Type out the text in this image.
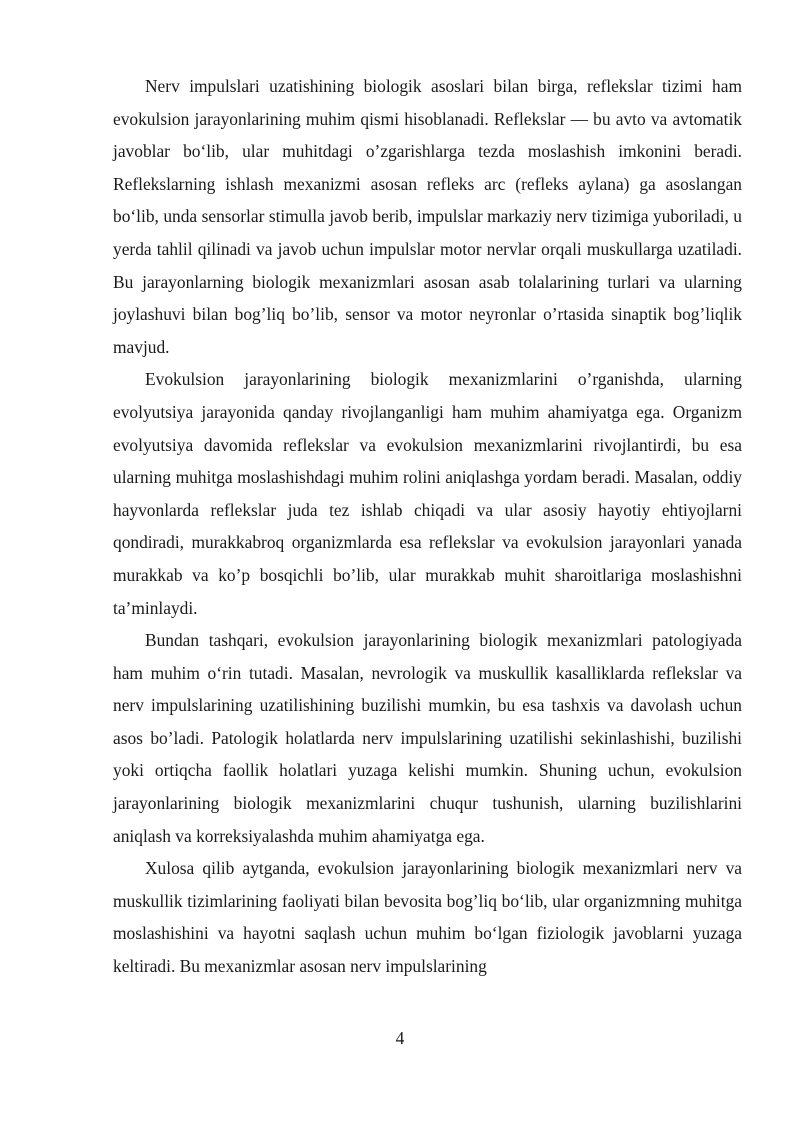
Nerv impulslari uzatishining biologik asoslari bilan birga, reflekslar tizimi ham evokulsion jarayonlarining muhim qismi hisoblanadi. Reflekslar — bu avto va avtomatik javoblar bo‘lib, ular muhitdagi o’zgarishlarga tezda moslashish imkonini beradi. Reflekslarning ishlash mexanizmi asosan refleks arc (refleks aylana) ga asoslangan bo‘lib, unda sensorlar stimulla javob berib, impulslar markaziy nerv tizimiga yuboriladi, u yerda tahlil qilinadi va javob uchun impulslar motor nervlar orqali muskullarga uzatiladi. Bu jarayonlarning biologik mexanizmlari asosan asab tolalarining turlari va ularning joylashuvi bilan bog’liq bo’lib, sensor va motor neyronlar o’rtasida sinaptik bog’liqlik mavjud.

Evokulsion jarayonlarining biologik mexanizmlarini o’rganishda, ularning evolyutsiya jarayonida qanday rivojlanganligi ham muhim ahamiyatga ega. Organizm evolyutsiya davomida reflekslar va evokulsion mexanizmlarini rivojlantirdi, bu esa ularning muhitga moslashishdagi muhim rolini aniqlashga yordam beradi. Masalan, oddiy hayvonlarda reflekslar juda tez ishlab chiqadi va ular asosiy hayotiy ehtiyojlarni qondiradi, murakkabroq organizmlarda esa reflekslar va evokulsion jarayonlari yanada murakkab va ko’p bosqichli bo’lib, ular murakkab muhit sharoitlariga moslashishni ta’minlaydi.

Bundan tashqari, evokulsion jarayonlarining biologik mexanizmlari patologiyada ham muhim o‘rin tutadi. Masalan, nevrologik va muskullik kasalliklarda reflekslar va nerv impulslarining uzatilishining buzilishi mumkin, bu esa tashxis va davolash uchun asos bo’ladi. Patologik holatlarda nerv impulslarining uzatilishi sekinlashishi, buzilishi yoki ortiqcha faollik holatlari yuzaga kelishi mumkin. Shuning uchun, evokulsion jarayonlarining biologik mexanizmlarini chuqur tushunish, ularning buzilishlarini aniqlash va korreksiyalashda muhim ahamiyatga ega.

Xulosa qilib aytganda, evokulsion jarayonlarining biologik mexanizmlari nerv va muskullik tizimlarining faoliyati bilan bevosita bog’liq bo‘lib, ular organizmning muhitga moslashishini va hayotni saqlash uchun muhim bo‘lgan fiziologik javoblarni yuzaga keltiradi. Bu mexanizmlar asosan nerv impulslarining

4
